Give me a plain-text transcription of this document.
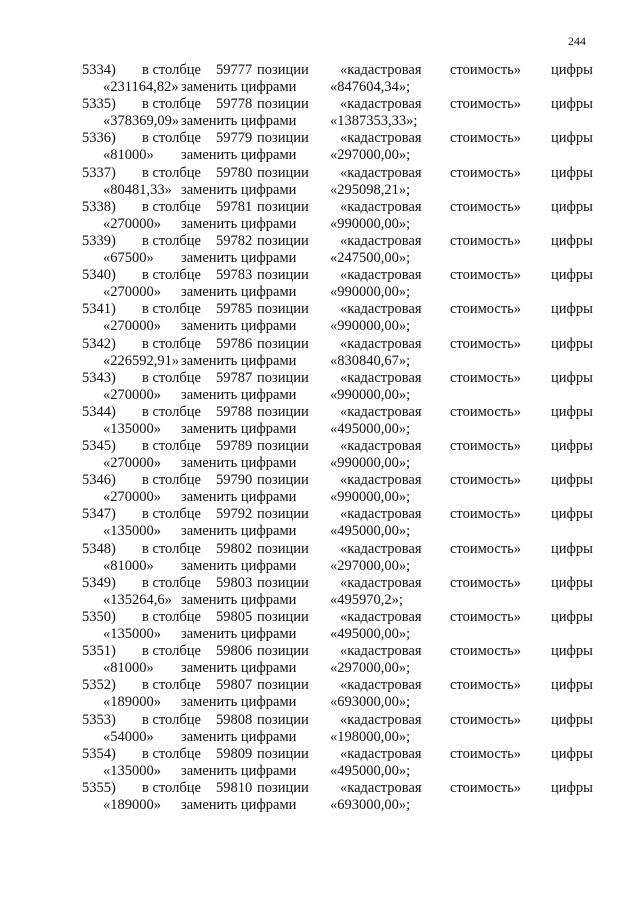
244
5334) в столбце 59777 позиции «кадастровая стоимость» цифры
«231164,82» заменить цифрами «847604,34»;
5335) в столбце 59778 позиции «кадастровая стоимость» цифры
«378369,09» заменить цифрами «1387353,33»;
5336) в столбце 59779 позиции «кадастровая стоимость» цифры
«81000» заменить цифрами «297000,00»;
5337) в столбце 59780 позиции «кадастровая стоимость» цифры
«80481,33» заменить цифрами «295098,21»;
5338) в столбце 59781 позиции «кадастровая стоимость» цифры
«270000» заменить цифрами «990000,00»;
5339) в столбце 59782 позиции «кадастровая стоимость» цифры
«67500» заменить цифрами «247500,00»;
5340) в столбце 59783 позиции «кадастровая стоимость» цифры
«270000» заменить цифрами «990000,00»;
5341) в столбце 59785 позиции «кадастровая стоимость» цифры
«270000» заменить цифрами «990000,00»;
5342) в столбце 59786 позиции «кадастровая стоимость» цифры
«226592,91» заменить цифрами «830840,67»;
5343) в столбце 59787 позиции «кадастровая стоимость» цифры
«270000» заменить цифрами «990000,00»;
5344) в столбце 59788 позиции «кадастровая стоимость» цифры
«135000» заменить цифрами «495000,00»;
5345) в столбце 59789 позиции «кадастровая стоимость» цифры
«270000» заменить цифрами «990000,00»;
5346) в столбце 59790 позиции «кадастровая стоимость» цифры
«270000» заменить цифрами «990000,00»;
5347) в столбце 59792 позиции «кадастровая стоимость» цифры
«135000» заменить цифрами «495000,00»;
5348) в столбце 59802 позиции «кадастровая стоимость» цифры
«81000» заменить цифрами «297000,00»;
5349) в столбце 59803 позиции «кадастровая стоимость» цифры
«135264,6» заменить цифрами «495970,2»;
5350) в столбце 59805 позиции «кадастровая стоимость» цифры
«135000» заменить цифрами «495000,00»;
5351) в столбце 59806 позиции «кадастровая стоимость» цифры
«81000» заменить цифрами «297000,00»;
5352) в столбце 59807 позиции «кадастровая стоимость» цифры
«189000» заменить цифрами «693000,00»;
5353) в столбце 59808 позиции «кадастровая стоимость» цифры
«54000» заменить цифрами «198000,00»;
5354) в столбце 59809 позиции «кадастровая стоимость» цифры
«135000» заменить цифрами «495000,00»;
5355) в столбце 59810 позиции «кадастровая стоимость» цифры
«189000» заменить цифрами «693000,00»;
